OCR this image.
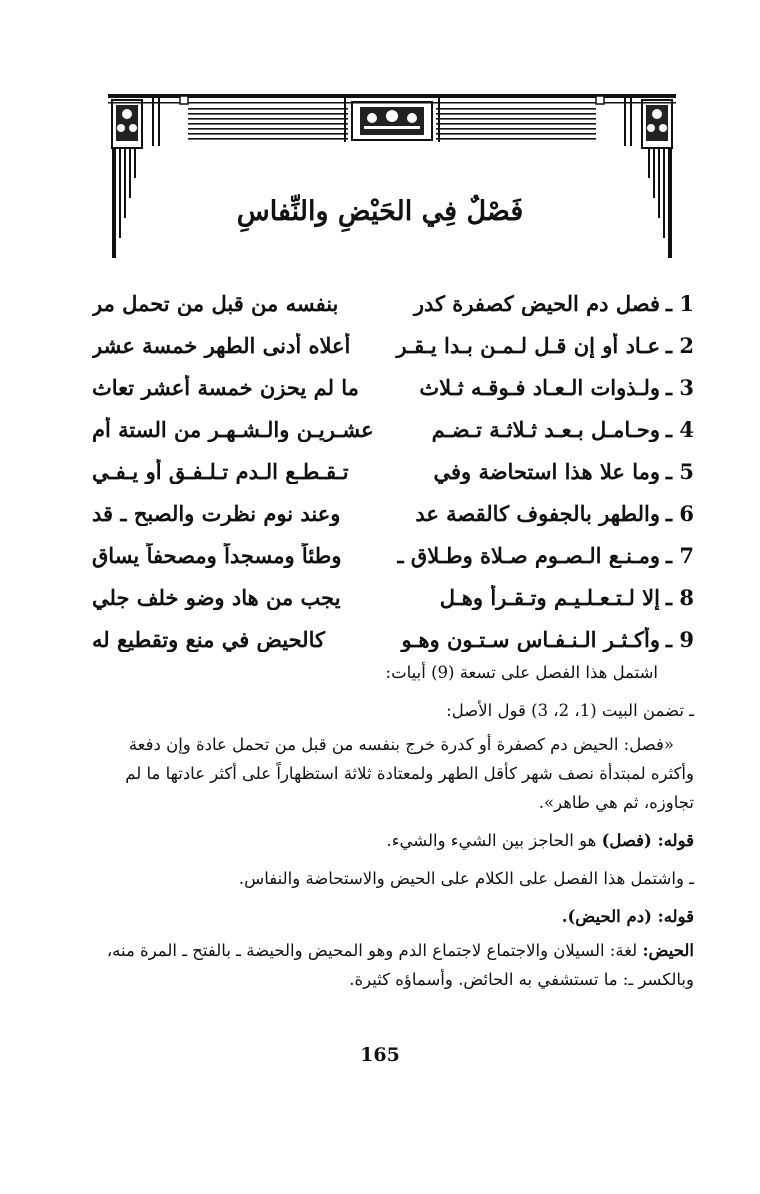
فَصْلٌ فِي الحَيْضِ والنِّفاسِ
1 ـ
فصل دم الحيض كصفرة كدر
بنفسه من قبل من تحمل مر
2 ـ
عـاد أو إن قـل لـمـن بـدا يـقـر
أعلاه أدنى الطهر خمسة عشر
3 ـ
ولـذوات الـعـاد فـوقـه ثـلاث
ما لم يحزن خمسة أعشر تعاث
4 ـ
وحـامـل بـعـد ثـلاثـة تـضـم
عشـريـن والـشـهـر من الستة أم
5 ـ
وما علا هذا استحاضة وفي
تـقـطـع الـدم تـلـفـق أو يـفـي
6 ـ
والطهر بالجفوف كالقصة عد
وعند نوم نظرت والصبح ـ قد
7 ـ
ومـنـع الـصـوم صـلاة وطـلاق ـ
وطئاً ومسجداً ومصحفاً يساق
8 ـ
إلا لـتـعـلـيـم وتـقـرأ وهـل
يجب من هاد وضو خلف جلي
9 ـ
وأكـثـر الـنـفـاس سـتـون وهـو
كالحيض في منع وتقطيع له

اشتمل هذا الفصل على تسعة (9) أبيات:

ـ تضمن البيت (1، 2، 3) قول الأصل:

«فصل: الحيض دم كصفرة أو كدرة خرج بنفسه من قبل من تحمل عادة وإن دفعة وأكثره لمبتدأة نصف شهر كأقل الطهر ولمعتادة ثلاثة استظهاراً على أكثر عادتها ما لم تجاوزه، ثم هي طاهر».

قوله: (فصل) هو الحاجز بين الشيء والشيء.

ـ واشتمل هذا الفصل على الكلام على الحيض والاستحاضة والنفاس.

قوله: (دم الحيض).

الحيض: لغة: السيلان والاجتماع لاجتماع الدم وهو المحيض والحيضة ـ بالفتح ـ المرة منه، وبالكسر ـ: ما تستشفي به الحائض. وأسماؤه كثيرة.

165
